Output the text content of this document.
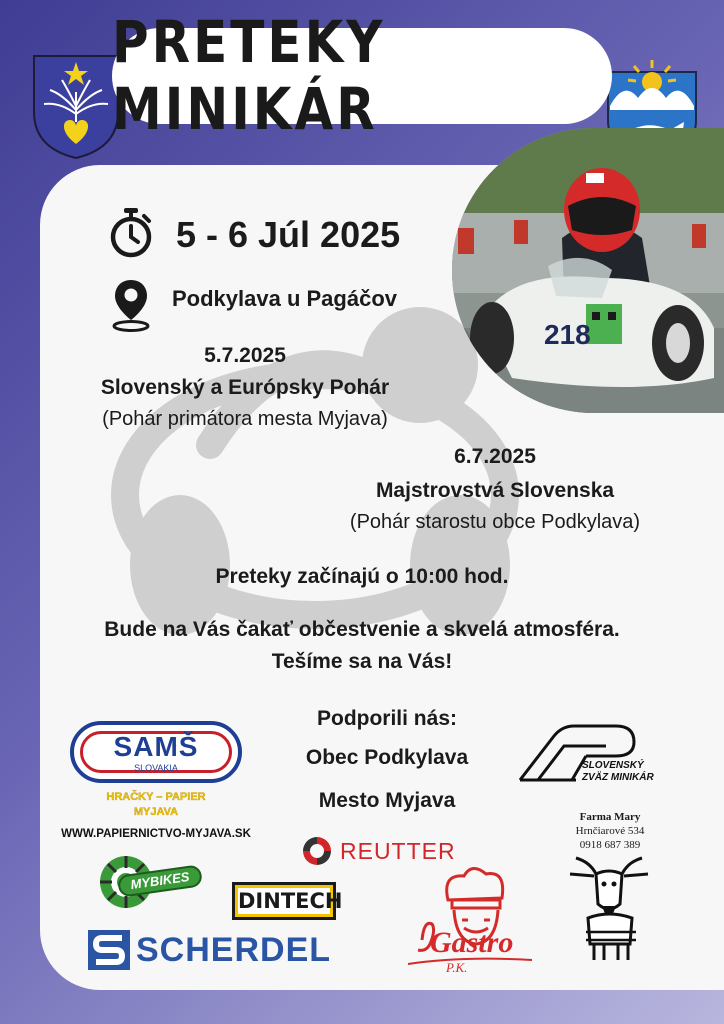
PRETEKY MINIKÁR
218
5 - 6 Júl 2025
Podkylava u Pagáčov
5.7.2025
Slovenský a Európsky Pohár
(Pohár primátora mesta Myjava)
6.7.2025
Majstrovstvá Slovenska
(Pohár starostu obce Podkylava)
Preteky začínajú o 10:00 hod.
Bude na Vás čakať občestvenie a skvelá atmosféra.
Tešíme sa na Vás!
Podporili nás:
Obec Podkylava
Mesto Myjava
SAMŠ
SLOVAKIA
HRAČKY – PAPIER
MYJAVA
WWW.PAPIERNICTVO-MYJAVA.SK
SLOVENSKÝ
ZVÄZ MINIKÁR
Farma Mary
Hrnčiarové 534
0918 687 389
REUTTER
MYBIKES
DINTECH
SCHERDEL	Gastro
P.K.
